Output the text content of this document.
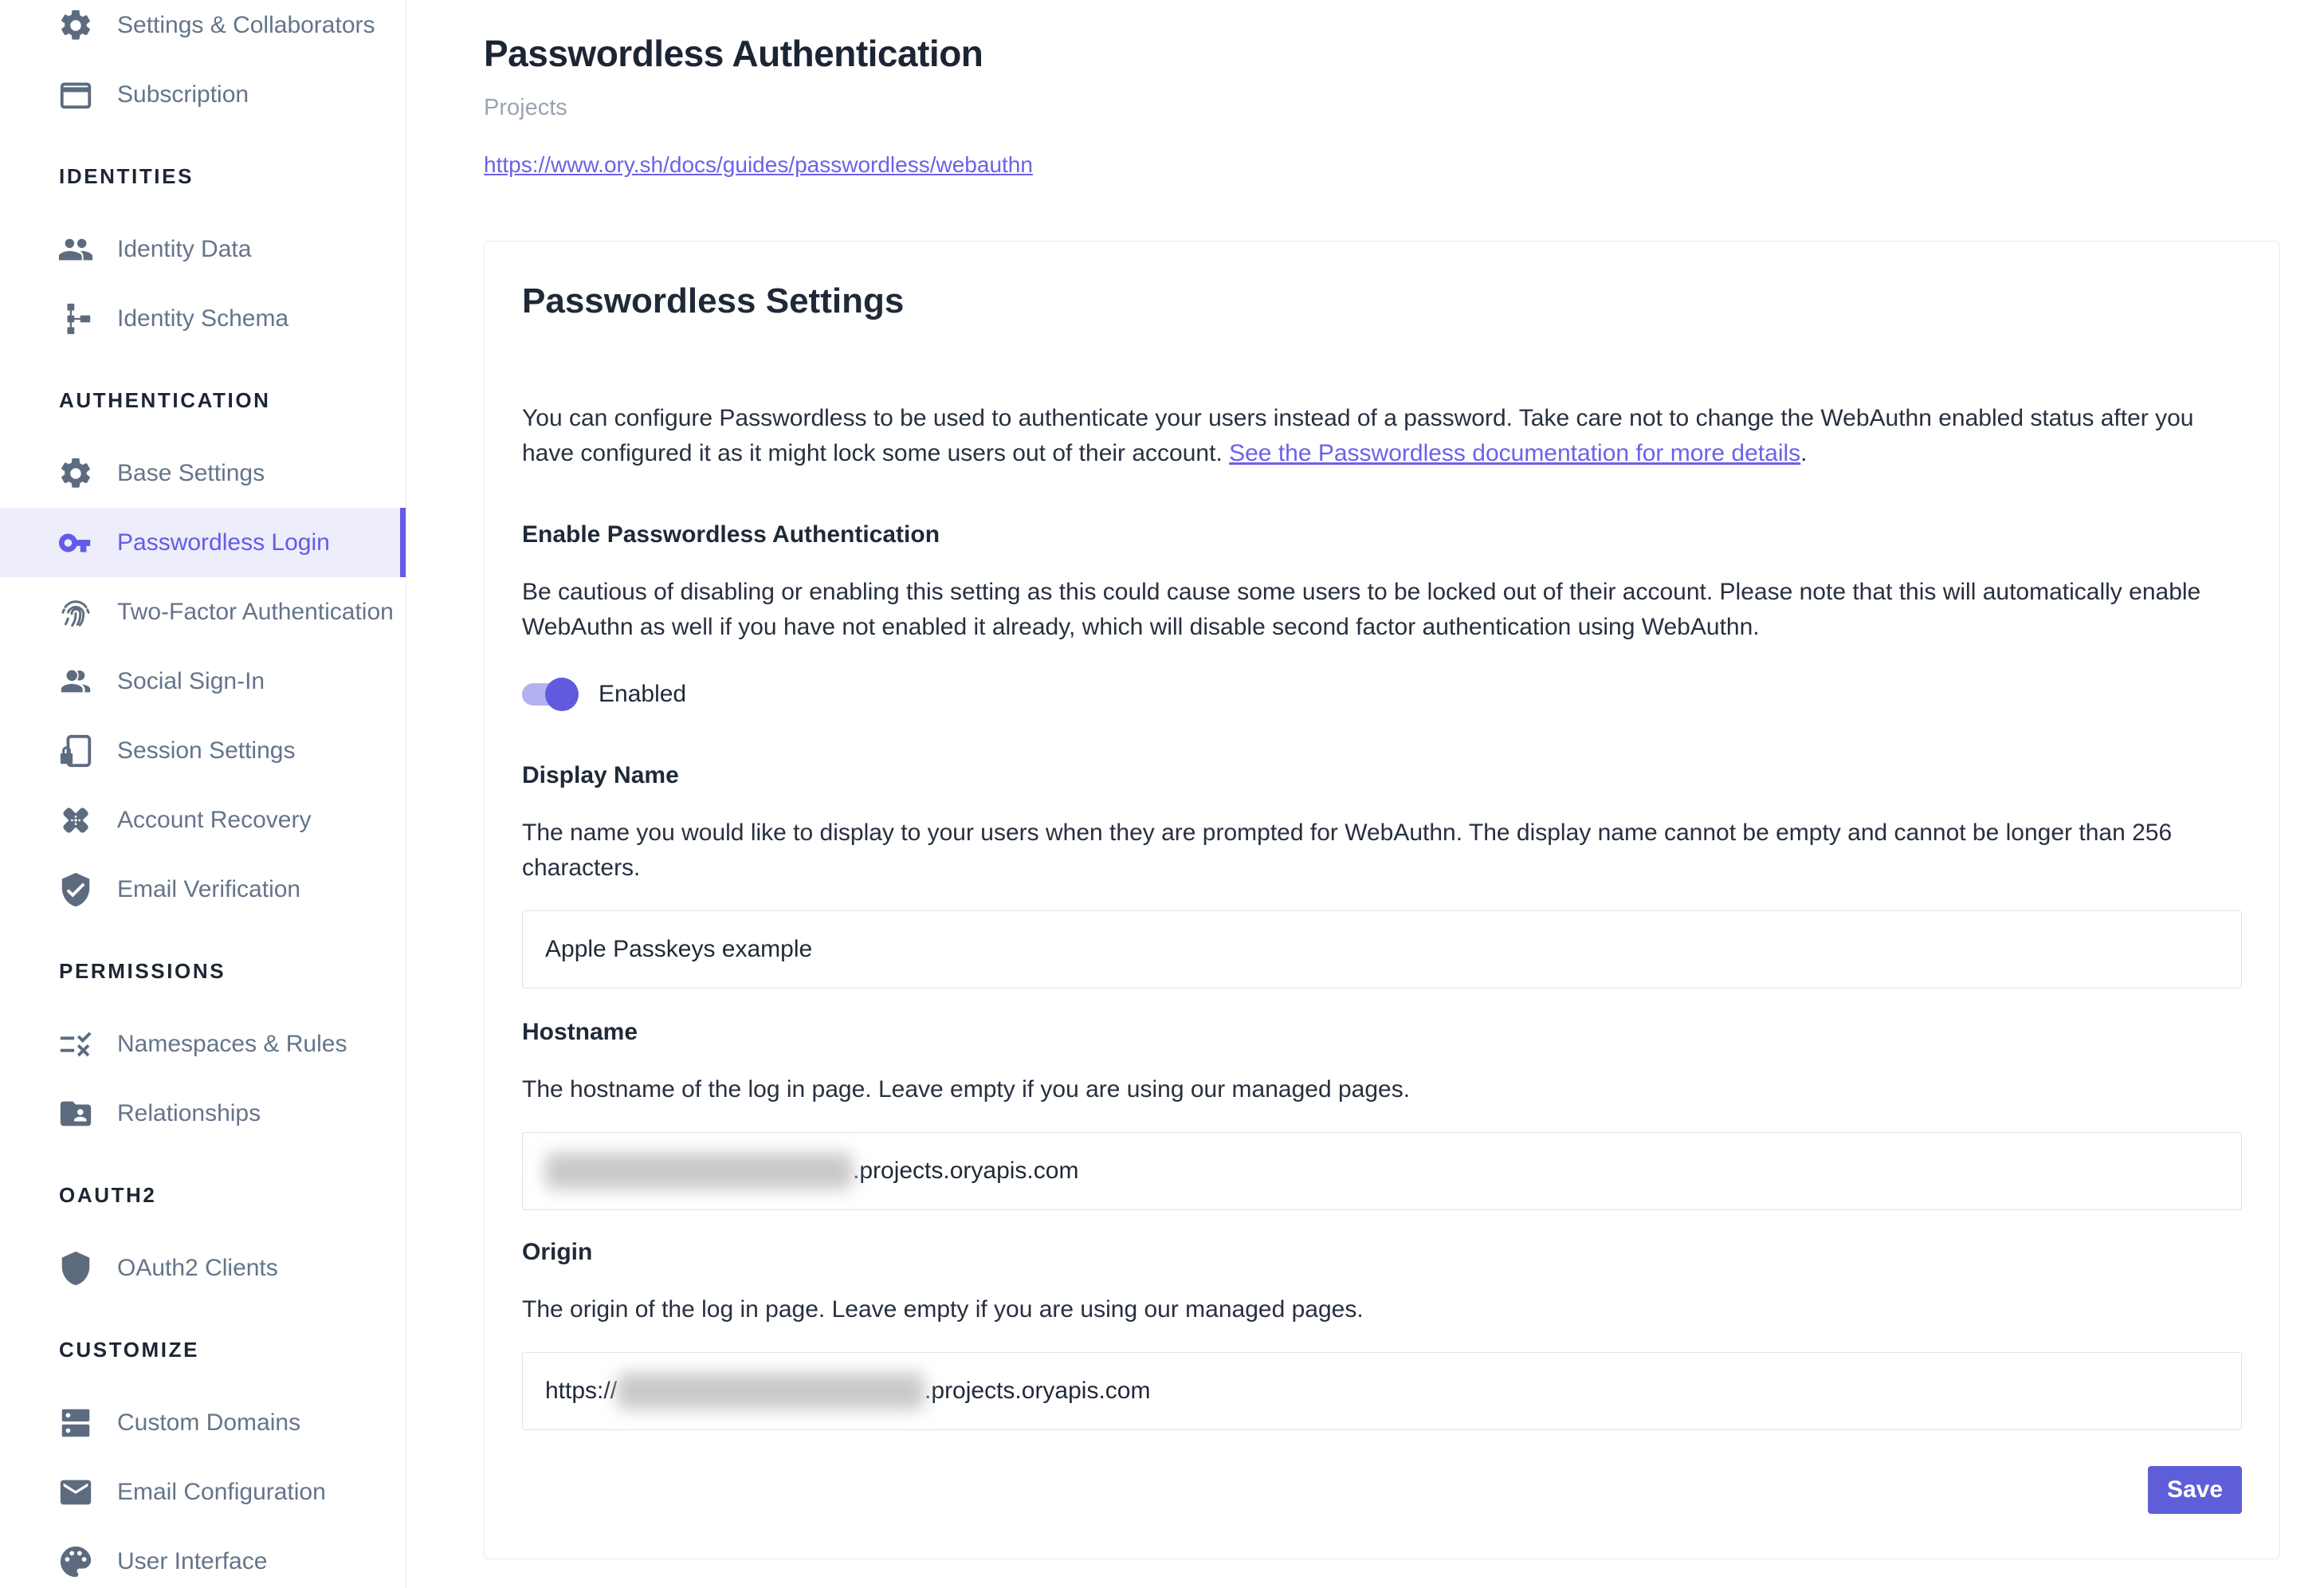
Settings & Collaborators
Subscription
IDENTITIES
Identity Data
Identity Schema
AUTHENTICATION
Base Settings
Passwordless Login
Two-Factor Authentication
Social Sign-In
Session Settings
Account Recovery
Email Verification
PERMISSIONS
Namespaces & Rules
Relationships
OAUTH2
OAuth2 Clients
CUSTOMIZE
Custom Domains
Email Configuration
User Interface
Passwordless Authentication
Projects
https://www.ory.sh/docs/guides/passwordless/webauthn
Passwordless Settings

You can configure Passwordless to be used to authenticate your users instead of a password. Take care not to change the WebAuthn enabled status after you have configured it as it might lock some users out of their account. See the Passwordless documentation for more details.

Enable Passwordless Authentication

Be cautious of disabling or enabling this setting as this could cause some users to be locked out of their account. Please note that this will automatically enable WebAuthn as well if you have not enabled it already, which will disable second factor authentication using WebAuthn.

Enabled
Display Name

The name you would like to display to your users when they are prompted for WebAuthn. The display name cannot be empty and cannot be longer than 256 characters.

Apple Passkeys example
Hostname

The hostname of the log in page. Leave empty if you are using our managed pages.

.projects.oryapis.com
Origin

The origin of the log in page. Leave empty if you are using our managed pages.

https://	.projects.oryapis.com
Save
